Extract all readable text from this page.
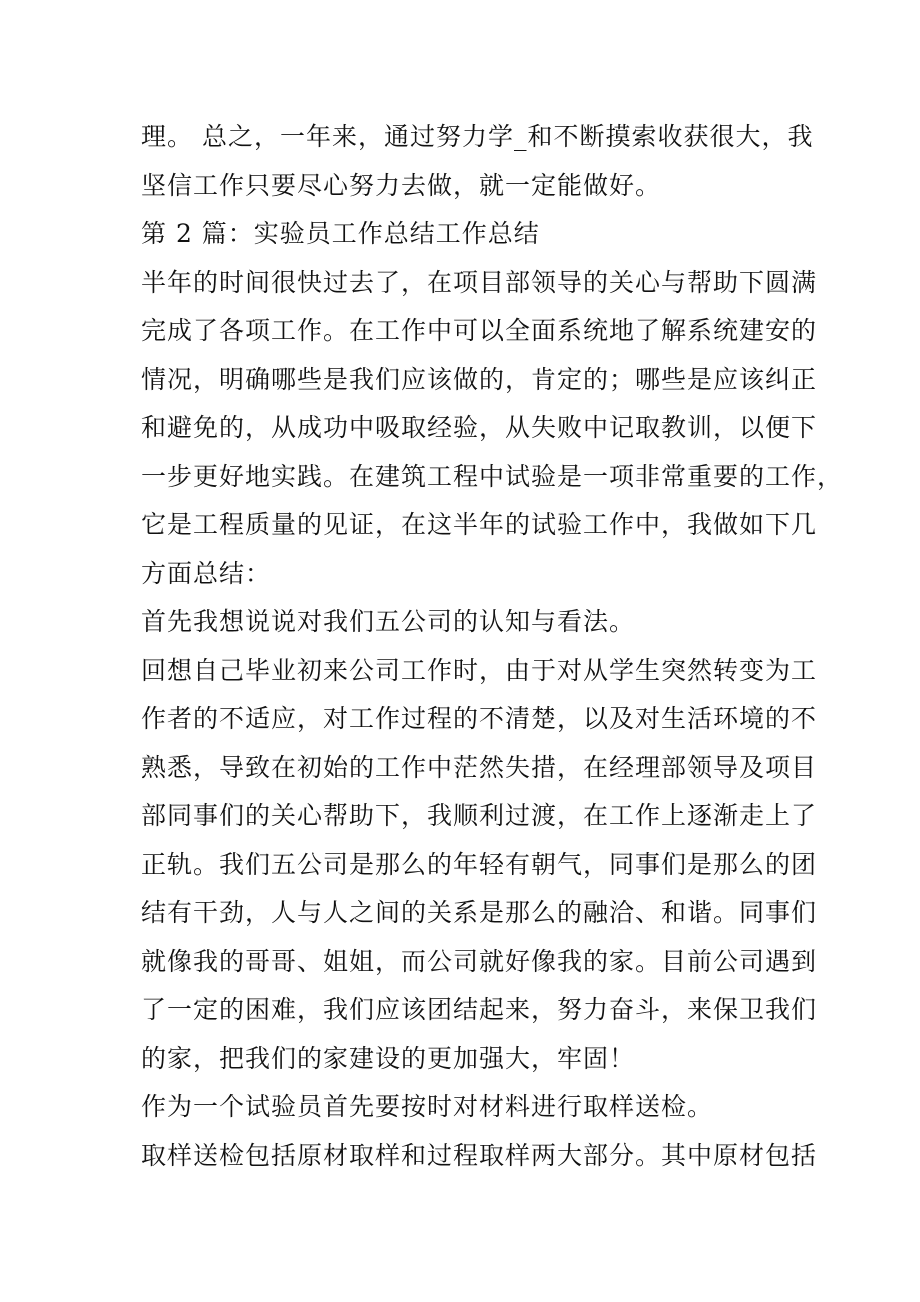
理。 总之，一年来，通过努力学_和不断摸索收获很大，我
坚信工作只要尽心努力去做，就一定能做好。
第 2 篇：实验员工作总结工作总结
半年的时间很快过去了，在项目部领导的关心与帮助下圆满
完成了各项工作。在工作中可以全面系统地了解系统建安的
情况，明确哪些是我们应该做的，肯定的；哪些是应该纠正
和避免的，从成功中吸取经验，从失败中记取教训，以便下
一步更好地实践。在建筑工程中试验是一项非常重要的工作，
它是工程质量的见证，在这半年的试验工作中，我做如下几
方面总结：
首先我想说说对我们五公司的认知与看法。
回想自己毕业初来公司工作时，由于对从学生突然转变为工
作者的不适应，对工作过程的不清楚，以及对生活环境的不
熟悉，导致在初始的工作中茫然失措，在经理部领导及项目
部同事们的关心帮助下，我顺利过渡，在工作上逐渐走上了
正轨。我们五公司是那么的年轻有朝气，同事们是那么的团
结有干劲，人与人之间的关系是那么的融洽、和谐。同事们
就像我的哥哥、姐姐，而公司就好像我的家。目前公司遇到
了一定的困难，我们应该团结起来，努力奋斗，来保卫我们
的家，把我们的家建设的更加强大，牢固！
作为一个试验员首先要按时对材料进行取样送检。
取样送检包括原材取样和过程取样两大部分。其中原材包括
